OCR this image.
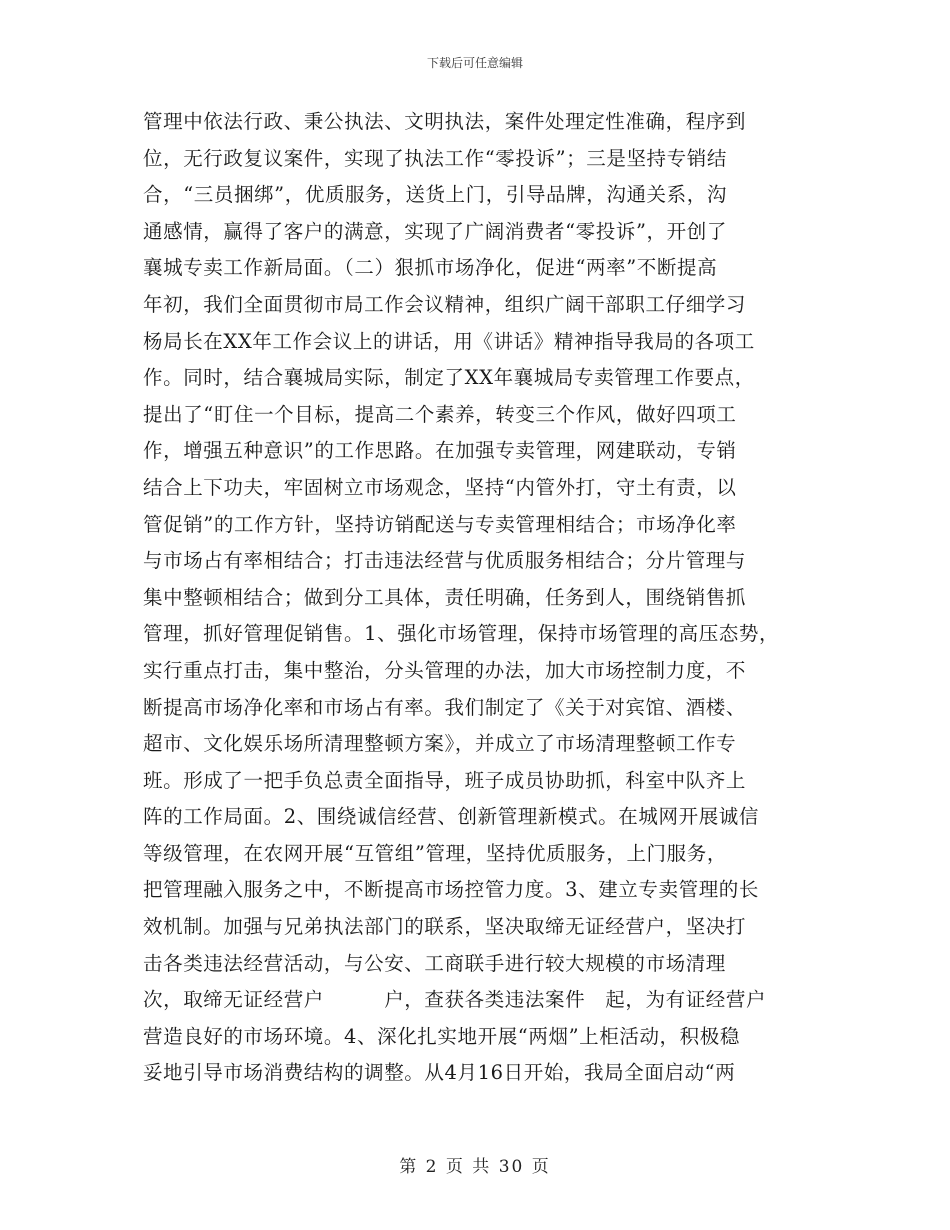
下载后可任意编辑
管理中依法行政、秉公执法、文明执法，案件处理定性准确，程序到
位，无行政复议案件，实现了执法工作“零投诉”；三是坚持专销结
合，“三员捆绑”，优质服务，送货上门，引导品牌，沟通关系，沟
通感情，赢得了客户的满意，实现了广阔消费者“零投诉”，开创了
襄城专卖工作新局面。（二）狠抓市场净化，促进“两率”不断提高
年初，我们全面贯彻市局工作会议精神，组织广阔干部职工仔细学习
杨局长在XX年工作会议上的讲话，用《讲话》精神指导我局的各项工
作。同时，结合襄城局实际，制定了XX年襄城局专卖管理工作要点，
提出了“盯住一个目标，提高二个素养，转变三个作风，做好四项工
作，增强五种意识”的工作思路。在加强专卖管理，网建联动，专销
结合上下功夫，牢固树立市场观念，坚持“内管外打，守土有责，以
管促销”的工作方针，坚持访销配送与专卖管理相结合；市场净化率
与市场占有率相结合；打击违法经营与优质服务相结合；分片管理与
集中整顿相结合；做到分工具体，责任明确，任务到人，围绕销售抓
管理，抓好管理促销售。1、强化市场管理，保持市场管理的高压态势，
实行重点打击，集中整治，分头管理的办法，加大市场控制力度，不
断提高市场净化率和市场占有率。我们制定了《关于对宾馆、酒楼、
超市、文化娱乐场所清理整顿方案》，并成立了市场清理整顿工作专
班。形成了一把手负总责全面指导，班子成员协助抓，科室中队齐上
阵的工作局面。2、围绕诚信经营、创新管理新模式。在城网开展诚信
等级管理，在农网开展“互管组”管理，坚持优质服务，上门服务，
把管理融入服务之中，不断提高市场控管力度。3、建立专卖管理的长
效机制。加强与兄弟执法部门的联系，坚决取缔无证经营户，坚决打
击各类违法经营活动，与公安、工商联手进行较大规模的市场清理
次，取缔无证经营户　　　户，查获各类违法案件　起，为有证经营户
营造良好的市场环境。4、深化扎实地开展“两烟”上柜活动，积极稳
妥地引导市场消费结构的调整。从4月16日开始，我局全面启动“两
第 2 页 共 30 页
